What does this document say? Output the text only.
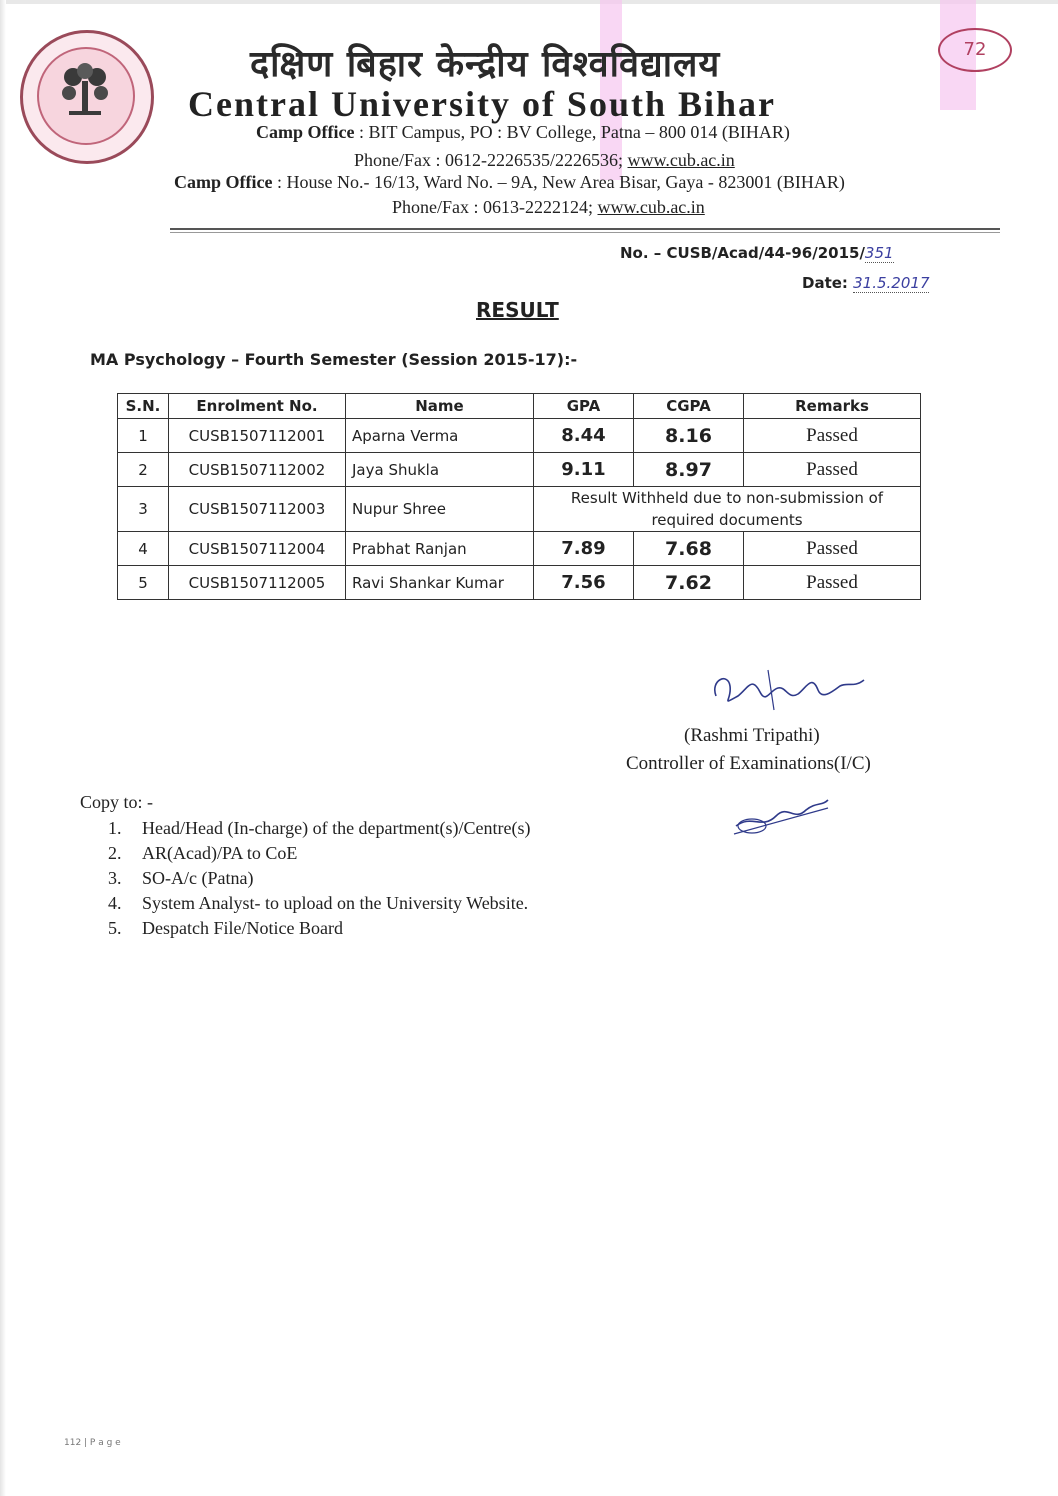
दक्षिण बिहार केन्द्रीय विश्वविद्यालय
Central University of South Bihar
72
Camp Office : BIT Campus, PO : BV College, Patna – 800 014 (BIHAR)
Phone/Fax : 0612-2226535/2226536; www.cub.ac.in
Camp Office : House No.- 16/13, Ward No. – 9A, New Area Bisar, Gaya - 823001 (BIHAR)
Phone/Fax : 0613-2222124; www.cub.ac.in
No. – CUSB/Acad/44-96/2015/351
Date: 31.5.2017
RESULT
MA Psychology – Fourth Semester (Session 2015-17):-
S.N.	Enrolment No.	Name	GPA	CGPA	Remarks
1	CUSB1507112001	Aparna Verma	8.44	8.16	Passed
2	CUSB1507112002	Jaya Shukla	9.11	8.97	Passed
3	CUSB1507112003	Nupur Shree	Result Withheld due to non-submission of required documents		
4	CUSB1507112004	Prabhat Ranjan	7.89	7.68	Passed
5	CUSB1507112005	Ravi Shankar Kumar	7.56	7.62	Passed
(Rashmi Tripathi)
Controller of Examinations(I/C)
Copy to: -
1. Head/Head (In-charge) of the department(s)/Centre(s)
2. AR(Acad)/PA to CoE
3. SO-A/c (Patna)
4. System Analyst- to upload on the University Website.
5. Despatch File/Notice Board
112 | P a g e
